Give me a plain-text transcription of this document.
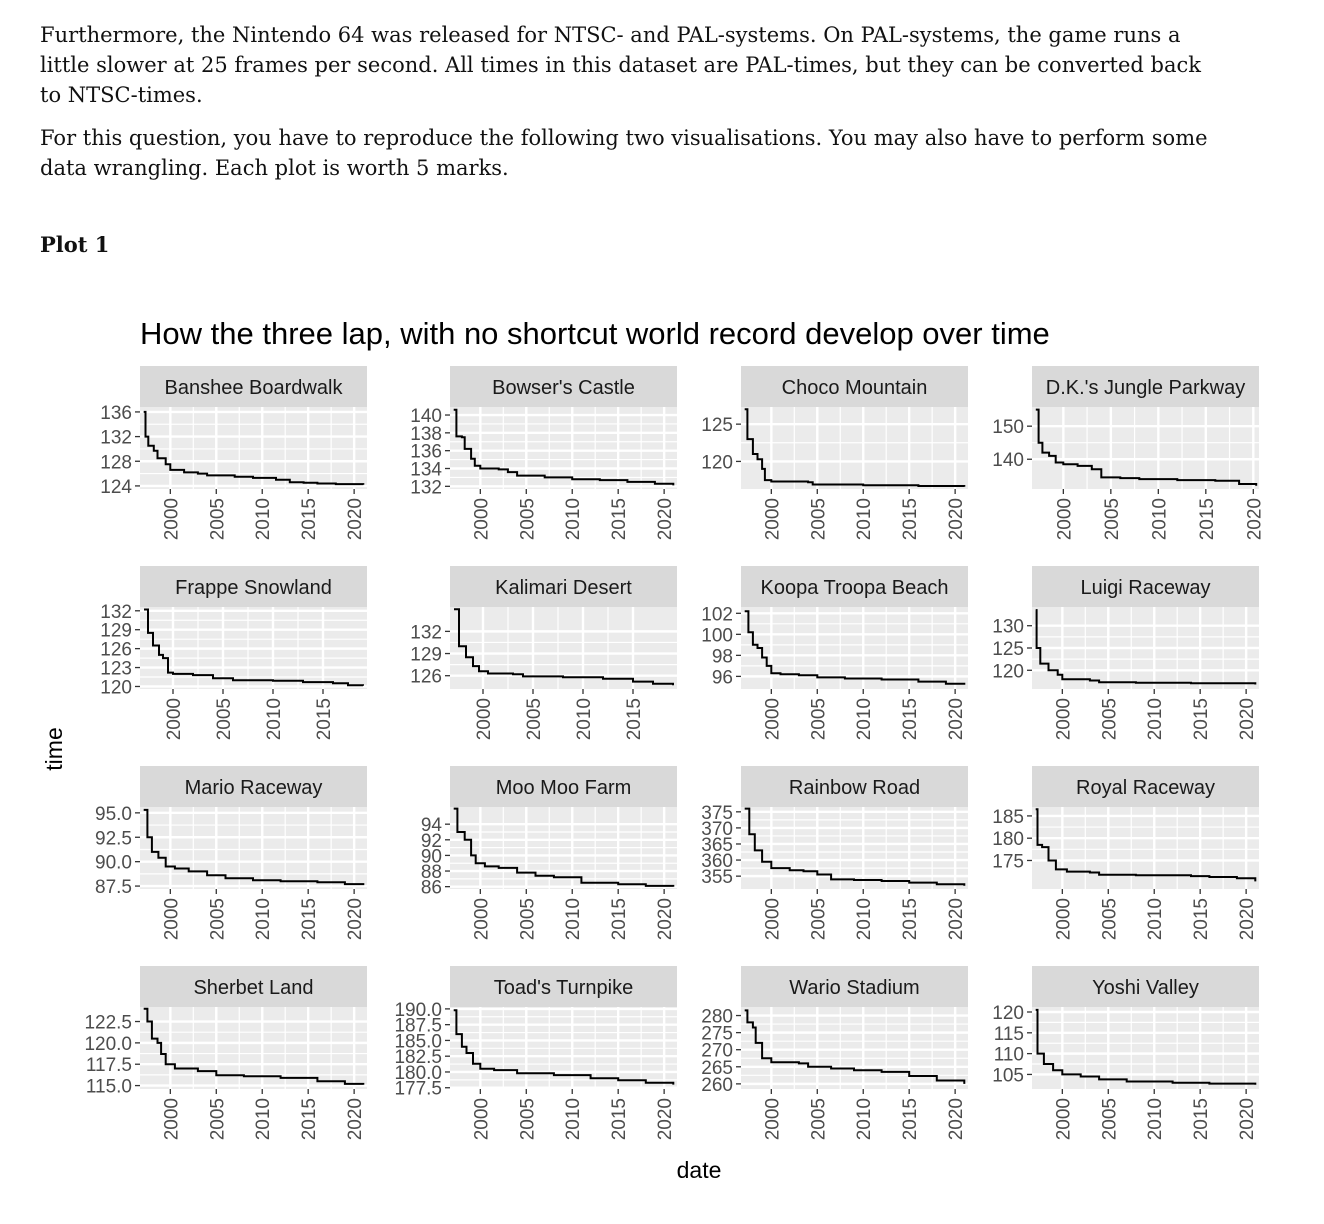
Furthermore, the Nintendo 64 was released for NTSC- and PAL-systems. On PAL-systems, the game runs a little slower at 25 frames per second. All times in this dataset are PAL-times, but they can be converted back to NTSC-times.
For this question, you have to reproduce the following two visualisations. You may also have to perform some data wrangling. Each plot is worth 5 marks.
Plot 1
How the three lap, with no shortcut world record develop over time
time
date
Banshee Boardwalk
2000 2005 2010 2015 2020
124
128
132
136
Bowser's Castle
2000 2005 2010 2015 2020
132
134
136
138
140
Choco Mountain
2000 2005 2010 2015 2020
120
125
D.K.'s Jungle Parkway
2000 2005 2010 2015 2020
140
150
Frappe Snowland
2000 2005 2010 2015
120
123
126
129
132
Kalimari Desert
2000 2005 2010 2015
126
129
132
Koopa Troopa Beach
2000 2005 2010 2015 2020
96
98
100
102
Luigi Raceway
2000 2005 2010 2015 2020
120
125
130
Mario Raceway
2000 2005 2010 2015 2020
87.5
90.0
92.5
95.0
Moo Moo Farm
2000 2005 2010 2015 2020
86
88
90
92
94
Rainbow Road
2000 2005 2010 2015 2020
355
360
365
370
375
Royal Raceway
2000 2005 2010 2015 2020
175
180
185
Sherbet Land
2000 2005 2010 2015 2020
115.0
117.5
120.0
122.5
Toad's Turnpike
2000 2005 2010 2015 2020
177.5
180.0
182.5
185.0
187.5
190.0
Wario Stadium
2000 2005 2010 2015 2020
260
265
270
275
280
Yoshi Valley
2000 2005 2010 2015 2020
105
110
115
120
